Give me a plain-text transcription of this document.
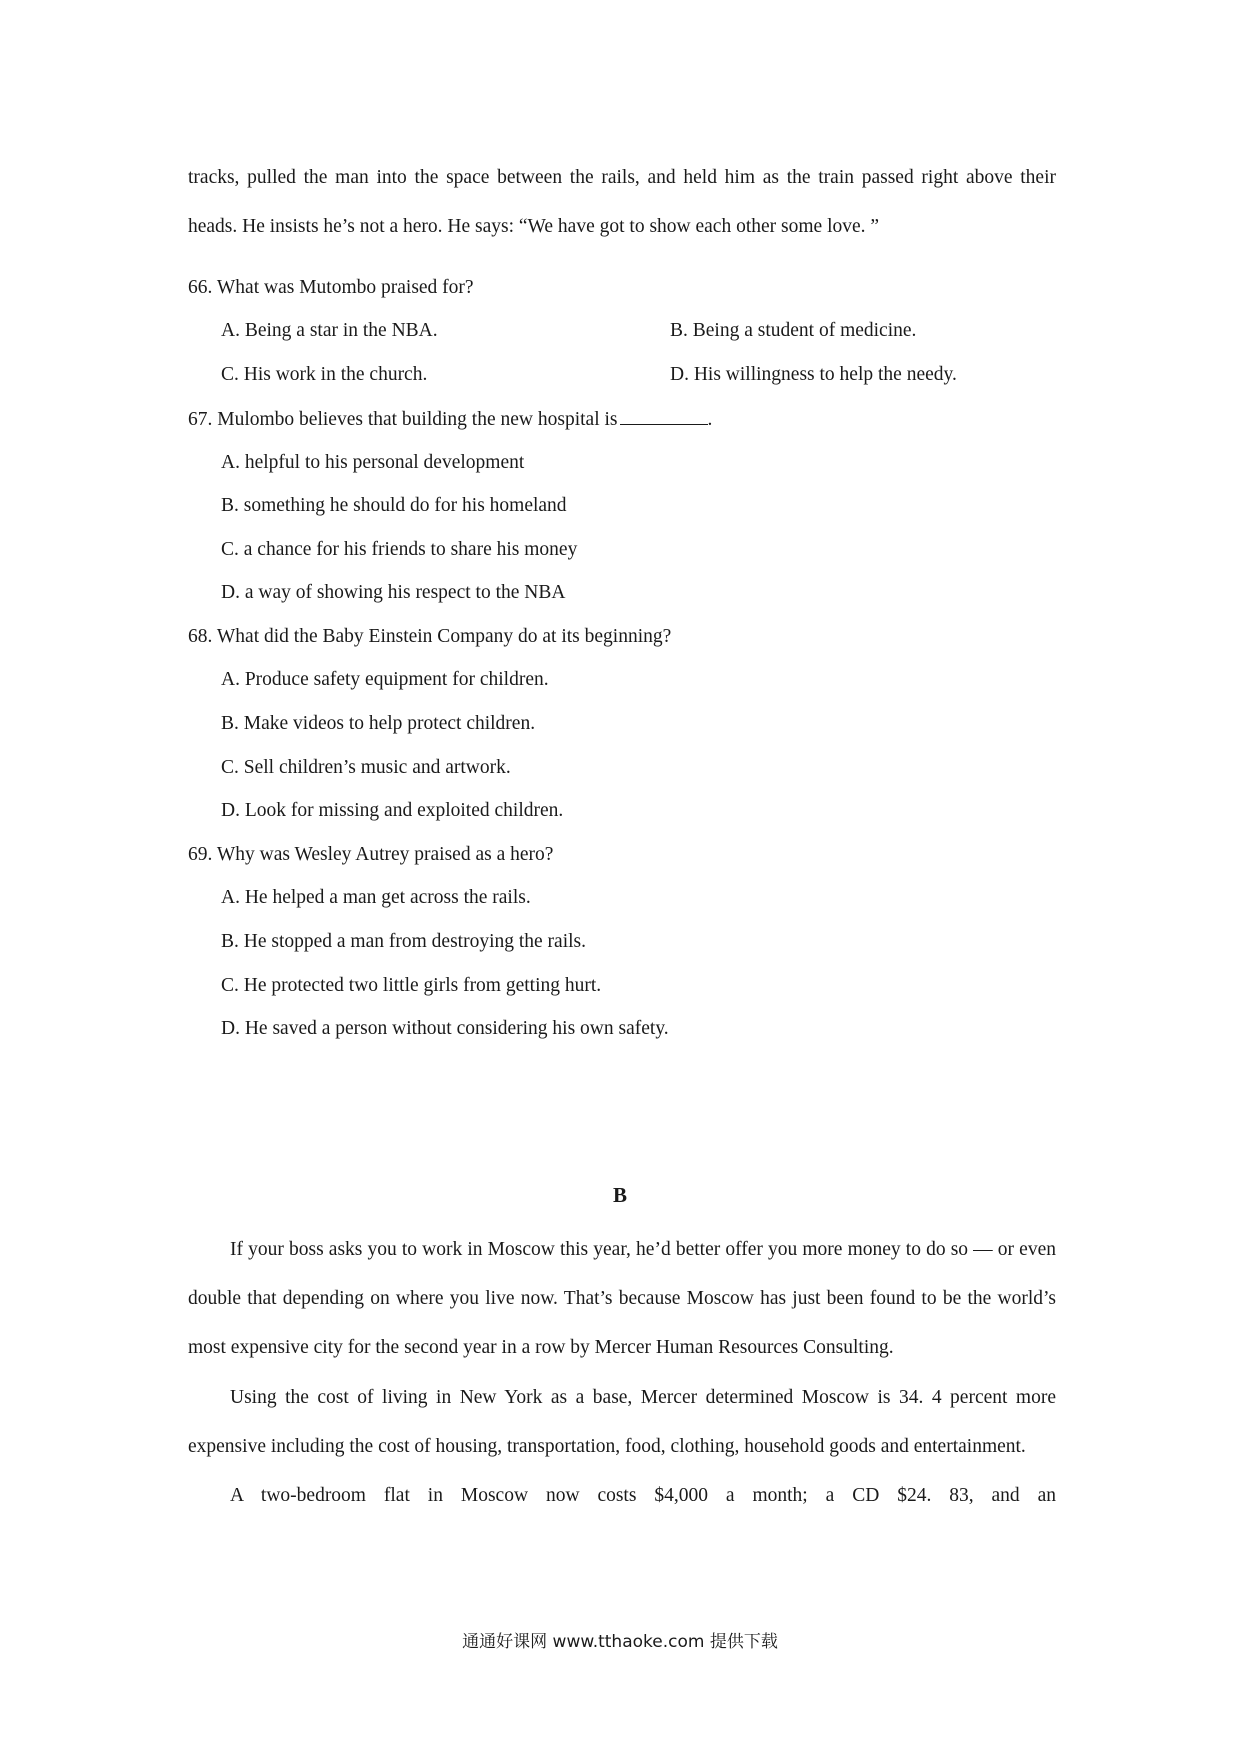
tracks, pulled the man into the space between the rails, and held him as the train passed right above their heads. He insists he’s not a hero. He says: “We have got to show each other some love. ”
66. What was Mutombo praised for?
A. Being a star in the NBA.	B. Being a student of medicine.
C. His work in the church.	D. His willingness to help the needy.
67. Mulombo believes that building the new hospital is	.
A. helpful to his personal development
B. something he should do for his homeland
C. a chance for his friends to share his money
D. a way of showing his respect to the NBA
68. What did the Baby Einstein Company do at its beginning?
A. Produce safety equipment for children.
B. Make videos to help protect children.
C. Sell children’s music and artwork.
D. Look for missing and exploited children.
69. Why was Wesley Autrey praised as a hero?
A. He helped a man get across the rails.
B. He stopped a man from destroying the rails.
C. He protected two little girls from getting hurt.
D. He saved a person without considering his own safety.
B

If your boss asks you to work in Moscow this year, he’d better offer you more money to do so — or even double that depending on where you live now. That’s because Moscow has just been found to be the world’s most expensive city for the second year in a row by Mercer Human Resources Consulting.

Using the cost of living in New York as a base, Mercer determined Moscow is 34. 4 percent more expensive including the cost of housing, transportation, food, clothing, household goods and entertainment.

A two-bedroom flat in Moscow now costs $4,000 a month; a CD $24. 83, and an

通通好课网 www.tthaoke.com 提供下载
